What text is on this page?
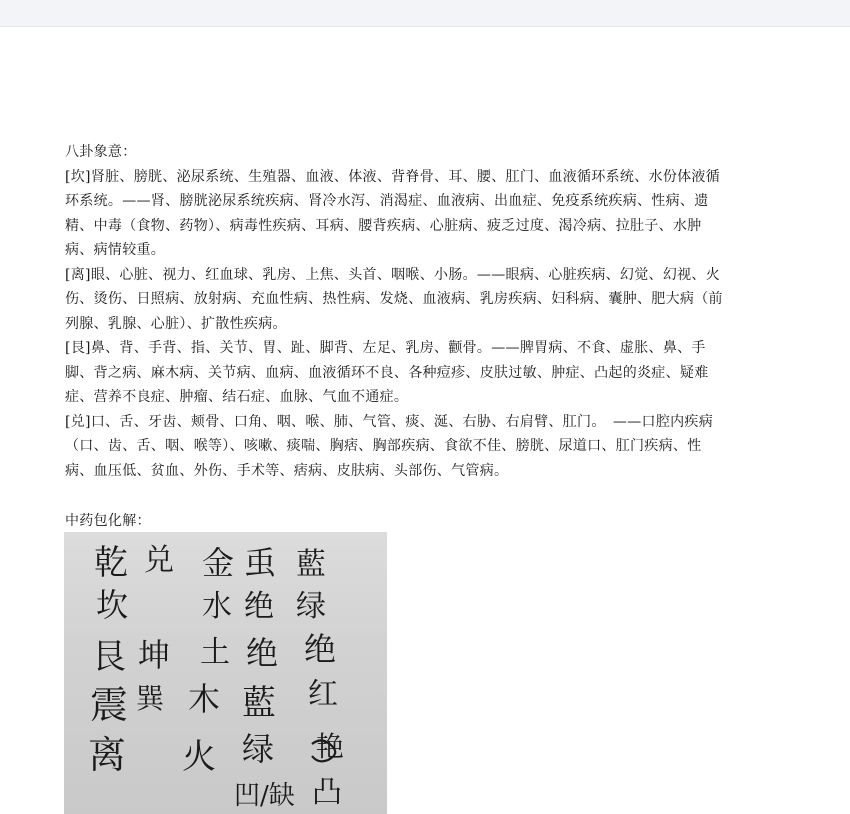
八卦象意：

[坎]肾脏、膀胱、泌尿系统、生殖器、血液、体液、背脊骨、耳、腰、肛门、血液循环系统、水份体液循环系统。——肾、膀胱泌尿系统疾病、肾冷水泻、消渴症、血液病、出血症、免疫系统疾病、性病、遗精、中毒（食物、药物）、病毒性疾病、耳病、腰背疾病、心脏病、疲乏过度、渴冷病、拉肚子、水肿病、病情较重。

[离]眼、心脏、视力、红血球、乳房、上焦、头首、咽喉、小肠。——眼病、心脏疾病、幻觉、幻视、火伤、烫伤、日照病、放射病、充血性病、热性病、发烧、血液病、乳房疾病、妇科病、囊肿、肥大病（前列腺、乳腺、心脏）、扩散性疾病。

[艮]鼻、背、手背、指、关节、胃、趾、脚背、左足、乳房、颧骨。——脾胃病、不食、虚胀、鼻、手脚、背之病、麻木病、关节病、血病、血液循环不良、各种痘疹、皮肤过敏、肿症、凸起的炎症、疑难症、营养不良症、肿瘤、结石症、血脉、气血不通症。

[兑]口、舌、牙齿、颊骨、口角、咽、喉、肺、气管、痰、涎、右胁、右肩臂、肛门。　——口腔内疾病（口、齿、舌、咽、喉等）、咳嗽、痰喘、胸痞、胸部疾病、食欲不佳、膀胱、尿道口、肛门疾病、性病、血压低、贫血、外伤、手术等、痞病、皮肤病、头部伤、气管病。

中药包化解：

乾 兑 金 䖝 藍
坎 水 绝 绿
艮 坤 土 绝 绝
震 巽 木 藍 红
离 火 绿 艳
凹/缺 凸
